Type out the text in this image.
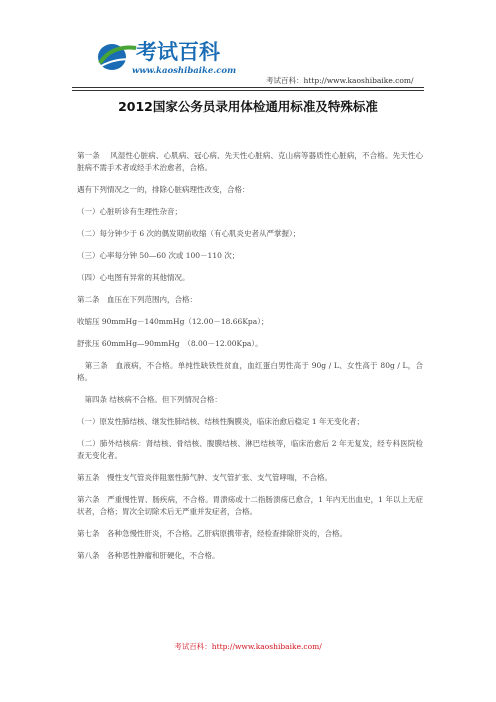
考试百科
www.kaoshibaike.com
考试百科：http://www.kaoshibaike.com/
2012国家公务员录用体检通用标准及特殊标准

第一条　 风湿性心脏病、心肌病、冠心病、先天性心脏病、克山病等器质性心脏病，不合格。先天性心脏病不需手术者或经手术治愈者，合格。

遇有下列情况之一的，排除心脏病理性改变，合格：

（一）心脏听诊有生理性杂音；

（二）每分钟少于 6 次的偶发期前收缩（有心肌炎史者从严掌握）；

（三）心率每分钟 50—60 次或 100－110 次；

（四）心电图有异常的其他情况。

第二条　血压在下列范围内，合格：

收缩压 90mmHg－140mmHg（12.00－18.66Kpa）；

舒张压 60mmHg—90mmHg　（8.00－12.00Kpa）。

　第三条　血液病，不合格。单纯性缺铁性贫血，血红蛋白男性高于 90g / L、女性高于 80g / L，合格。

　第四条 结核病不合格。但下列情况合格：

（一）原发性肺结核、继发性肺结核、结核性胸膜炎，临床治愈后稳定 1 年无变化者；

（二）肺外结核病：肾结核、骨结核、腹膜结核、淋巴结核等，临床治愈后 2 年无复发，经专科医院检查无变化者。

第五条　慢性支气管炎伴阻塞性肺气肿、支气管扩张、支气管哮喘，不合格。

第六条　严重慢性胃、肠疾病，不合格。胃溃疡或十二指肠溃疡已愈合，1 年内无出血史，1 年以上无症状者，合格；胃次全切除术后无严重并发症者，合格。

第七条　各种急慢性肝炎，不合格。乙肝病原携带者，经检查排除肝炎的，合格。

第八条　各种恶性肿瘤和肝硬化，不合格。

考试百科：http://www.kaoshibaike.com/
